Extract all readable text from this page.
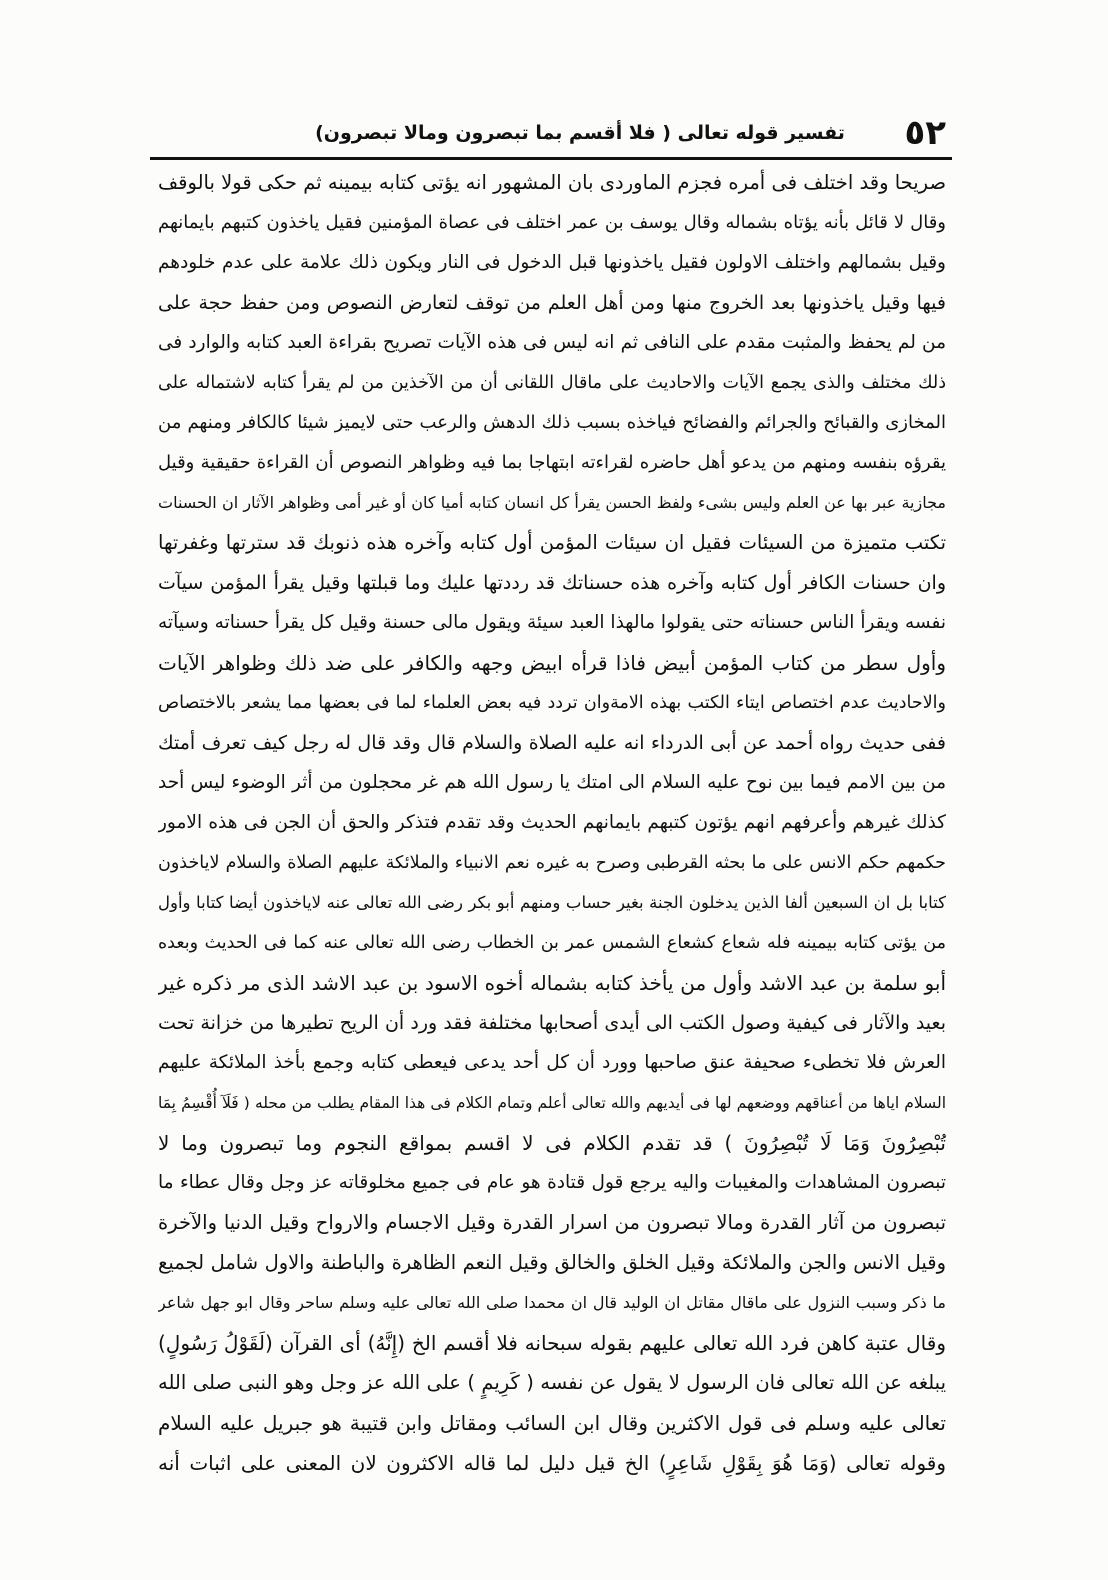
٥٢
تفسير قوله تعالى ( فلا أقسم بما تبصرون ومالا تبصرون)
صريحا وقد اختلف فى أمره فجزم الماوردى بان المشهور انه يؤتى كتابه بيمينه ثم حكى قولا بالوقف
وقال لا قائل بأنه يؤتاه بشماله وقال يوسف بن عمر اختلف فى عصاة المؤمنين فقيل ياخذون كتبهم بايمانهم
وقيل بشمالهم واختلف الاولون فقيل ياخذونها قبل الدخول فى النار ويكون ذلك علامة على عدم خلودهم
فيها وقيل ياخذونها بعد الخروج منها ومن أهل العلم من توقف لتعارض النصوص ومن حفظ حجة على
من لم يحفظ والمثبت مقدم على النافى ثم انه ليس فى هذه الآيات تصريح بقراءة العبد كتابه والوارد فى
ذلك مختلف والذى يجمع الآيات والاحاديث على ماقال اللقانى أن من الآخذين من لم يقرأ كتابه لاشتماله على
المخازى والقبائح والجرائم والفضائح فياخذه بسبب ذلك الدهش والرعب حتى لايميز شيئا كالكافر ومنهم من
يقرؤه بنفسه ومنهم من يدعو أهل حاضره لقراءته ابتهاجا بما فيه وظواهر النصوص أن القراءة حقيقية وقيل
مجازية عبر بها عن العلم وليس بشىء ولفظ الحسن يقرأ كل انسان كتابه أميا كان أو غير أمى وظواهر الآثار ان الحسنات
تكتب متميزة من السيئات فقيل ان سيئات المؤمن أول كتابه وآخره هذه ذنوبك قد سترتها وغفرتها
وان حسنات الكافر أول كتابه وآخره هذه حسناتك قد رددتها عليك وما قبلتها وقيل يقرأ المؤمن سيآت
نفسه ويقرأ الناس حسناته حتى يقولوا مالهذا العبد سيئة ويقول مالى حسنة وقيل كل يقرأ حسناته وسيآته
وأول سطر من كتاب المؤمن أبيض فاذا قرأه ابيض وجهه والكافر على ضد ذلك وظواهر الآيات
والاحاديث عدم اختصاص ايتاء الكتب بهذه الامةوان تردد فيه بعض العلماء لما فى بعضها مما يشعر بالاختصاص
ففى حديث رواه أحمد عن أبى الدرداء انه عليه الصلاة والسلام قال وقد قال له رجل كيف تعرف أمتك
من بين الامم فيما بين نوح عليه السلام الى امتك يا رسول الله هم غر محجلون من أثر الوضوء ليس أحد
كذلك غيرهم وأعرفهم انهم يؤتون كتبهم بايمانهم الحديث وقد تقدم فتذكر والحق أن الجن فى هذه الامور
حكمهم حكم الانس على ما بحثه القرطبى وصرح به غيره نعم الانبياء والملائكة عليهم الصلاة والسلام لاياخذون
كتابا بل ان السبعين ألفا الذين يدخلون الجنة بغير حساب ومنهم أبو بكر رضى الله تعالى عنه لاياخذون أيضا كتابا وأول
من يؤتى كتابه بيمينه فله شعاع كشعاع الشمس عمر بن الخطاب رضى الله تعالى عنه كما فى الحديث وبعده
أبو سلمة بن عبد الاشد وأول من يأخذ كتابه بشماله أخوه الاسود بن عبد الاشد الذى مر ذكره غير
بعيد والآثار فى كيفية وصول الكتب الى أيدى أصحابها مختلفة فقد ورد أن الريح تطيرها من خزانة تحت
العرش فلا تخطىء صحيفة عنق صاحبها وورد أن كل أحد يدعى فيعطى كتابه وجمع بأخذ الملائكة عليهم
السلام اياها من أعناقهم ووضعهم لها فى أيديهم والله تعالى أعلم وتمام الكلام فى هذا المقام يطلب من محله ( فَلَآ أُقْسِمُ بِمَا
تُبْصِرُونَ وَمَا لَا تُبْصِرُونَ ) قد تقدم الكلام فى لا اقسم بمواقع النجوم وما تبصرون وما لا
تبصرون المشاهدات والمغيبات واليه يرجع قول قتادة هو عام فى جميع مخلوقاته عز وجل وقال عطاء ما
تبصرون من آثار القدرة ومالا تبصرون من اسرار القدرة وقيل الاجسام والارواح وقيل الدنيا والآخرة
وقيل الانس والجن والملائكة وقيل الخلق والخالق وقيل النعم الظاهرة والباطنة والاول شامل لجميع
ما ذكر وسبب النزول على ماقال مقاتل ان الوليد قال ان محمدا صلى الله تعالى عليه وسلم ساحر وقال ابو جهل شاعر
وقال عتبة كاهن فرد الله تعالى عليهم بقوله سبحانه فلا أقسم الخ (إِنَّهُ) أى القرآن (لَقَوْلُ رَسُولٍ)
يبلغه عن الله تعالى فان الرسول لا يقول عن نفسه ( كَرِيمٍ ) على الله عز وجل وهو النبى صلى الله
تعالى عليه وسلم فى قول الاكثرين وقال ابن السائب ومقاتل وابن قتيبة هو جبريل عليه السلام
وقوله تعالى (وَمَا هُوَ بِقَوْلِ شَاعِرٍ) الخ قيل دليل لما قاله الاكثرون لان المعنى على اثبات أنه
